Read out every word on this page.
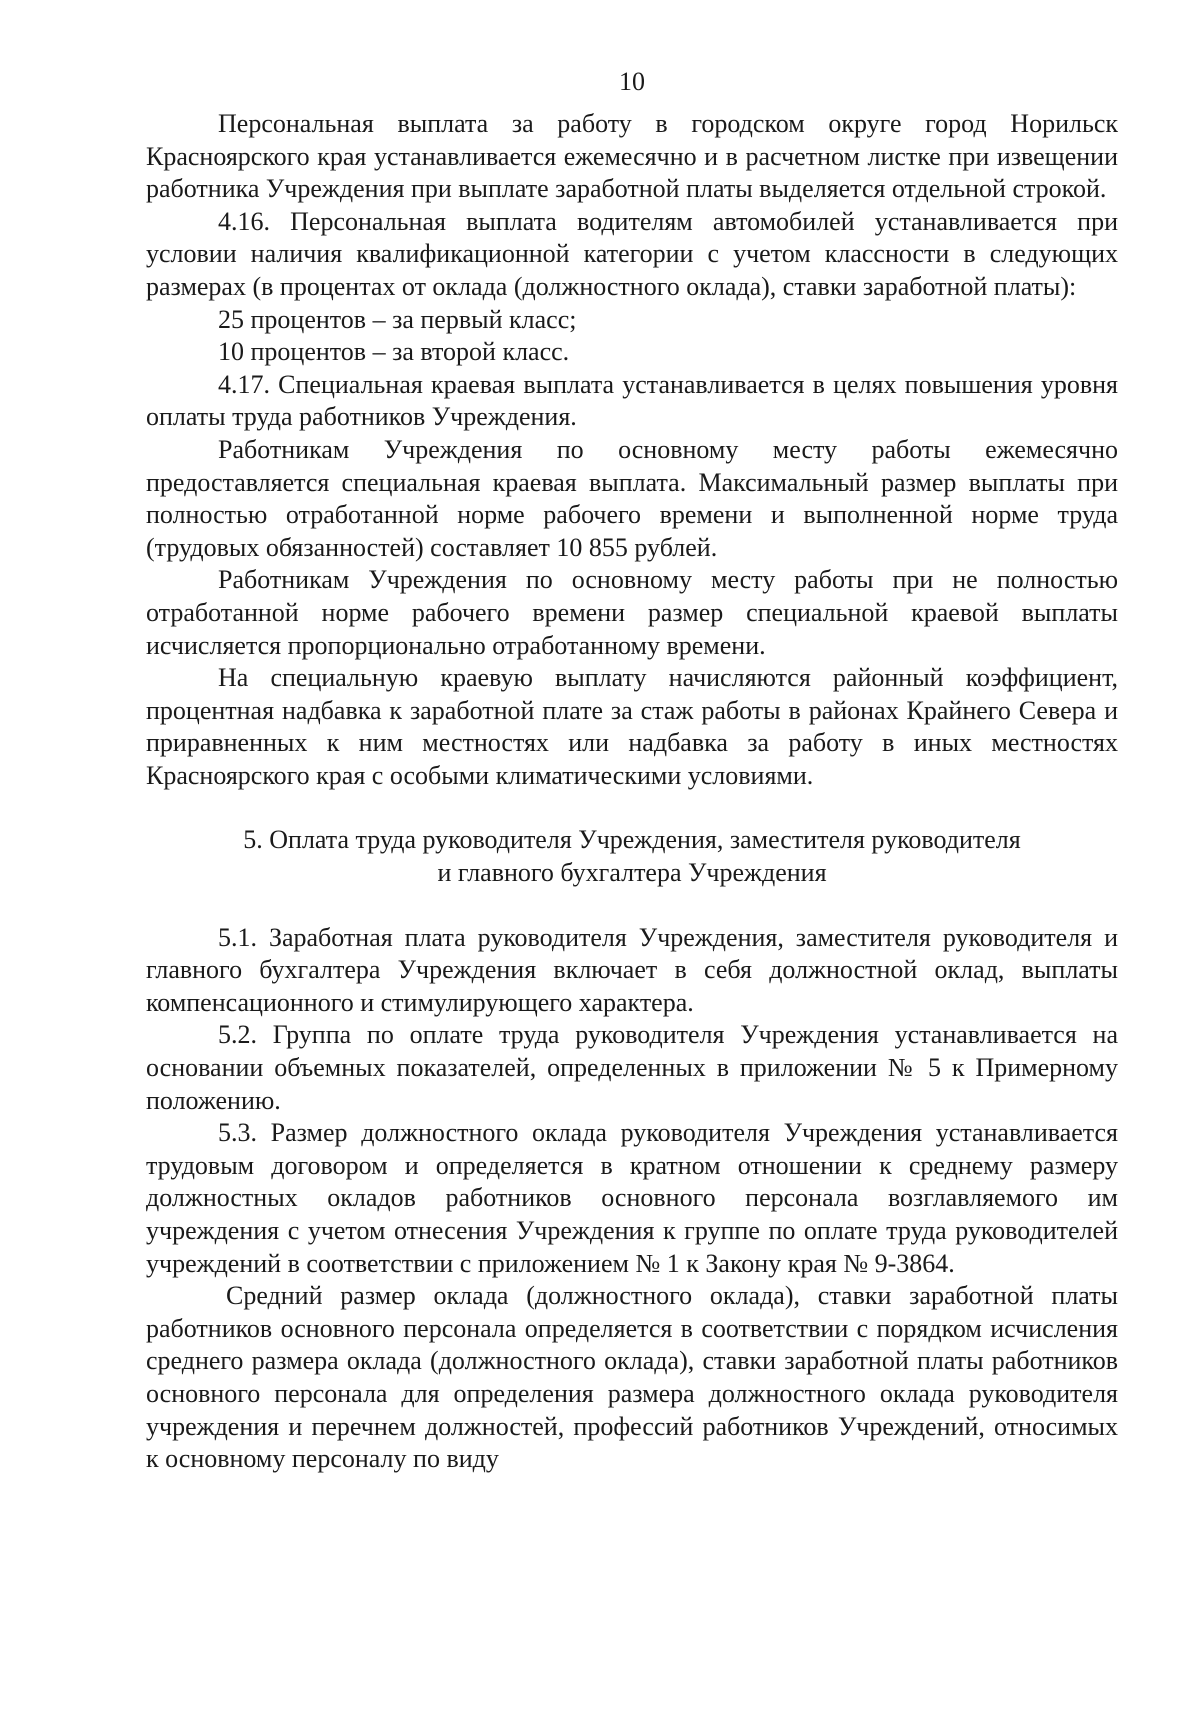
10

Персональная выплата за работу в городском округе город Норильск Красноярского края устанавливается ежемесячно и в расчетном листке при извещении работника Учреждения при выплате заработной платы выделяется отдельной строкой.

4.16. Персональная выплата водителям автомобилей устанавливается при условии наличия квалификационной категории с учетом классности в следующих размерах (в процентах от оклада (должностного оклада), ставки заработной платы):

25 процентов – за первый класс;

10 процентов – за второй класс.

4.17. Специальная краевая выплата устанавливается в целях повышения уровня оплаты труда работников Учреждения.

Работникам Учреждения по основному месту работы ежемесячно предоставляется специальная краевая выплата. Максимальный размер выплаты при полностью отработанной норме рабочего времени и выполненной норме труда (трудовых обязанностей) составляет 10 855 рублей.

Работникам Учреждения по основному месту работы при не полностью отработанной норме рабочего времени размер специальной краевой выплаты исчисляется пропорционально отработанному времени.

На специальную краевую выплату начисляются районный коэффициент, процентная надбавка к заработной плате за стаж работы в районах Крайнего Севера и приравненных к ним местностях или надбавка за работу в иных местностях Красноярского края с особыми климатическими условиями.

5. Оплата труда руководителя Учреждения, заместителя руководителя
и главного бухгалтера Учреждения

5.1. Заработная плата руководителя Учреждения, заместителя руководителя и главного бухгалтера Учреждения включает в себя должностной оклад, выплаты компенсационного и стимулирующего характера.

5.2. Группа по оплате труда руководителя Учреждения устанавливается на основании объемных показателей, определенных в приложении № 5 к Примерному положению.

5.3. Размер должностного оклада руководителя Учреждения устанавливается трудовым договором и определяется в кратном отношении к среднему размеру должностных окладов работников основного персонала возглавляемого им учреждения с учетом отнесения Учреждения к группе по оплате труда руководителей учреждений в соответствии с приложением № 1 к Закону края № 9-3864.

Средний размер оклада (должностного оклада), ставки заработной платы работников основного персонала определяется в соответствии с порядком исчисления среднего размера оклада (должностного оклада), ставки заработной платы работников основного персонала для определения размера должностного оклада руководителя учреждения и перечнем должностей, профессий работников Учреждений, относимых к основному персоналу по виду
